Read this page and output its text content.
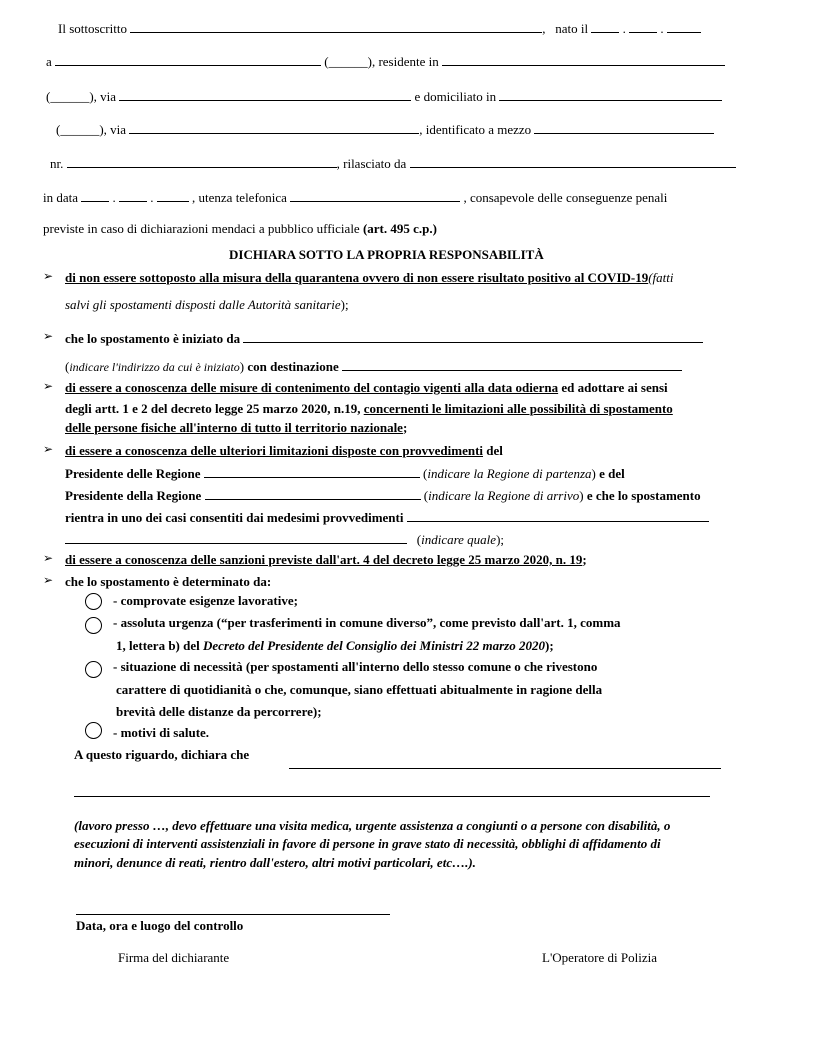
Il sottoscritto	, nato il	.	.
a	(______), residente in
(______), via	e domiciliato in
(______), via	, identificato a mezzo
nr.	, rilasciato da
in data	.	.	, utenza telefonica	, consapevole delle conseguenze penali
previste in caso di dichiarazioni mendaci a pubblico ufficiale (art. 495 c.p.)
DICHIARA SOTTO LA PROPRIA RESPONSABILITÀ
➢ di non essere sottoposto alla misura della quarantena ovvero di non essere risultato positivo al COVID-19(fatti
salvi gli spostamenti disposti dalle Autorità sanitarie);
➢ che lo spostamento è iniziato da
(indicare l'indirizzo da cui è iniziato) con destinazione
➢ di essere a conoscenza delle misure di contenimento del contagio vigenti alla data odierna ed adottare ai sensi
degli artt. 1 e 2 del decreto legge 25 marzo 2020, n.19, concernenti le limitazioni alle possibilità di spostamento
delle persone fisiche all'interno di tutto il territorio nazionale;
➢ di essere a conoscenza delle ulteriori limitazioni disposte con provvedimenti del
Presidente delle Regione	(indicare la Regione di partenza) e del
Presidente della Regione	(indicare la Regione di arrivo) e che lo spostamento
rientra in uno dei casi consentiti dai medesimi provvedimenti
(indicare quale);
➢ di essere a conoscenza delle sanzioni previste dall'art. 4 del decreto legge 25 marzo 2020, n. 19;
➢ che lo spostamento è determinato da:
- comprovate esigenze lavorative;
- assoluta urgenza (“per trasferimenti in comune diverso”, come previsto dall'art. 1, comma
1, lettera b) del Decreto del Presidente del Consiglio dei Ministri 22 marzo 2020);
- situazione di necessità (per spostamenti all'interno dello stesso comune o che rivestono
carattere di quotidianità o che, comunque, siano effettuati abitualmente in ragione della
brevità delle distanze da percorrere);
- motivi di salute.
A questo riguardo, dichiara che
(lavoro presso …, devo effettuare una visita medica, urgente assistenza a congiunti o a persone con disabilità, o
esecuzioni di interventi assistenziali in favore di persone in grave stato di necessità, obblighi di affidamento di
minori, denunce di reati, rientro dall'estero, altri motivi particolari, etc….).
Data, ora e luogo del controllo
Firma del dichiarante	L'Operatore di Polizia
